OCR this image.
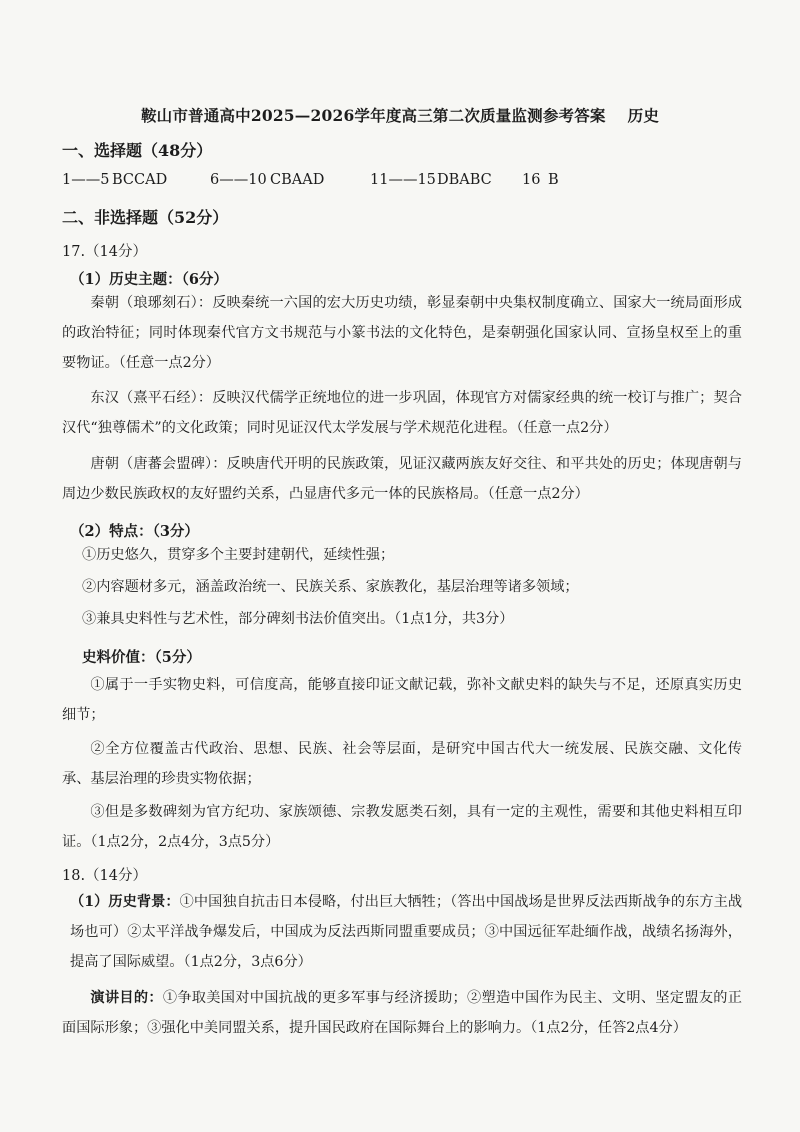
鞍山市普通高中2025—2026学年度高三第二次质量监测参考答案 历史
一、选择题（48分）
1——5 BCCAD	6——10 CBAAD	11——15DBABC 16 B
二、非选择题（52分）
17.（14分）
（1）历史主题：（6分）
秦朝（琅琊刻石）：反映秦统一六国的宏大历史功绩，彰显秦朝中央集权制度确立、国家大一统局面形成的政治特征；同时体现秦代官方文书规范与小篆书法的文化特色，是秦朝强化国家认同、宣扬皇权至上的重要物证。（任意一点2分）
东汉（熹平石经）：反映汉代儒学正统地位的进一步巩固，体现官方对儒家经典的统一校订与推广；契合汉代“独尊儒术”的文化政策；同时见证汉代太学发展与学术规范化进程。（任意一点2分）
唐朝（唐蕃会盟碑）：反映唐代开明的民族政策，见证汉藏两族友好交往、和平共处的历史；体现唐朝与周边少数民族政权的友好盟约关系，凸显唐代多元一体的民族格局。（任意一点2分）
（2）特点：（3分）
①历史悠久，贯穿多个主要封建朝代，延续性强；
②内容题材多元，涵盖政治统一、民族关系、家族教化，基层治理等诸多领域；
③兼具史料性与艺术性，部分碑刻书法价值突出。（1点1分，共3分）
史料价值：（5分）
①属于一手实物史料，可信度高，能够直接印证文献记载，弥补文献史料的缺失与不足，还原真实历史细节；
②全方位覆盖古代政治、思想、民族、社会等层面，是研究中国古代大一统发展、民族交融、文化传承、基层治理的珍贵实物依据；
③但是多数碑刻为官方纪功、家族颂德、宗教发愿类石刻，具有一定的主观性，需要和其他史料相互印证。（1点2分，2点4分，3点5分）
18.（14分）
（1）历史背景：①中国独自抗击日本侵略，付出巨大牺牲；（答出中国战场是世界反法西斯战争的东方主战场也可）②太平洋战争爆发后，中国成为反法西斯同盟重要成员；③中国远征军赴缅作战，战绩名扬海外，提高了国际威望。（1点2分，3点6分）
演讲目的：①争取美国对中国抗战的更多军事与经济援助；②塑造中国作为民主、文明、坚定盟友的正面国际形象；③强化中美同盟关系，提升国民政府在国际舞台上的影响力。（1点2分，任答2点4分）
